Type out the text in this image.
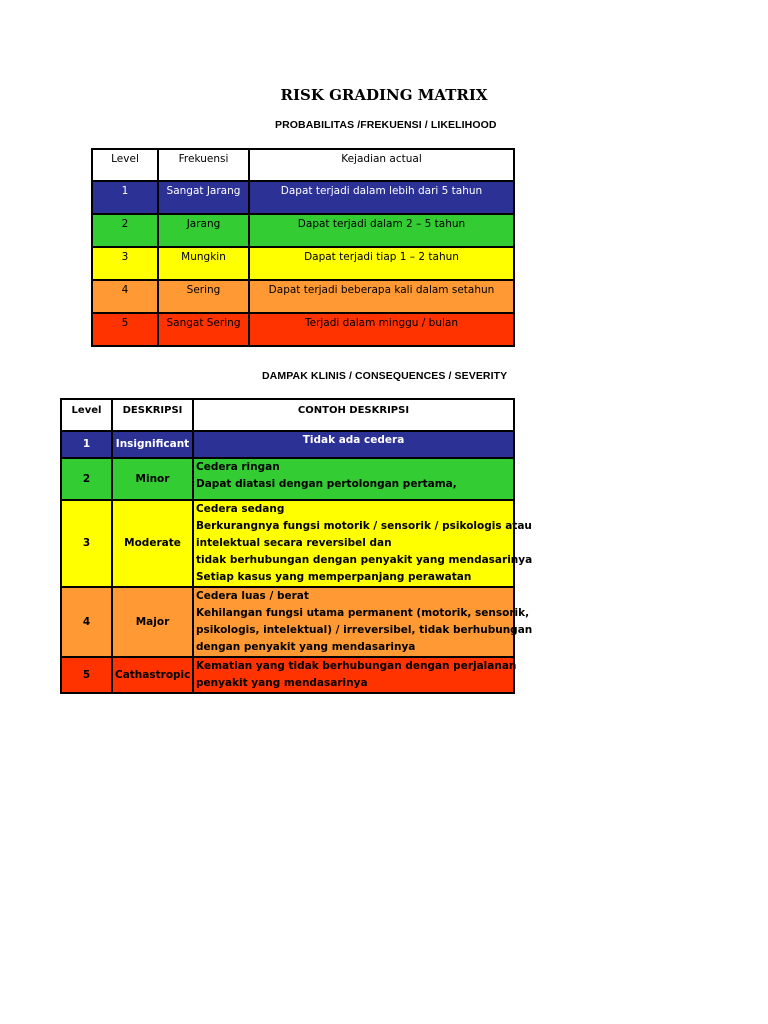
RISK GRADING MATRIX
PROBABILITAS /FREKUENSI / LIKELIHOOD
Level	Frekuensi	Kejadian actual
1	Sangat Jarang	Dapat terjadi dalam lebih dari 5 tahun
2	Jarang	Dapat terjadi dalam 2 – 5 tahun
3	Mungkin	Dapat terjadi tiap 1 – 2 tahun
4	Sering	Dapat terjadi beberapa kali dalam setahun
5	Sangat Sering	Terjadi dalam minggu / bulan
DAMPAK KLINIS / CONSEQUENCES / SEVERITY
Level	DESKRIPSI	CONTOH DESKRIPSI
1	Insignificant	Tidak ada cedera

2	Minor	Cedera ringan
Dapat diatasi dengan pertolongan pertama,

3	Moderate	Cedera sedang
Berkurangnya fungsi motorik / sensorik / psikologis atau
intelektual secara reversibel dan
tidak berhubungan dengan penyakit yang mendasarinya
Setiap kasus yang memperpanjang perawatan

4	Major	Cedera luas / berat
Kehilangan fungsi utama permanent (motorik, sensorik,
psikologis, intelektual) / irreversibel, tidak berhubungan
dengan penyakit yang mendasarinya

5	Cathastropic	Kematian yang tidak berhubungan dengan perjalanan
penyakit yang mendasarinya
